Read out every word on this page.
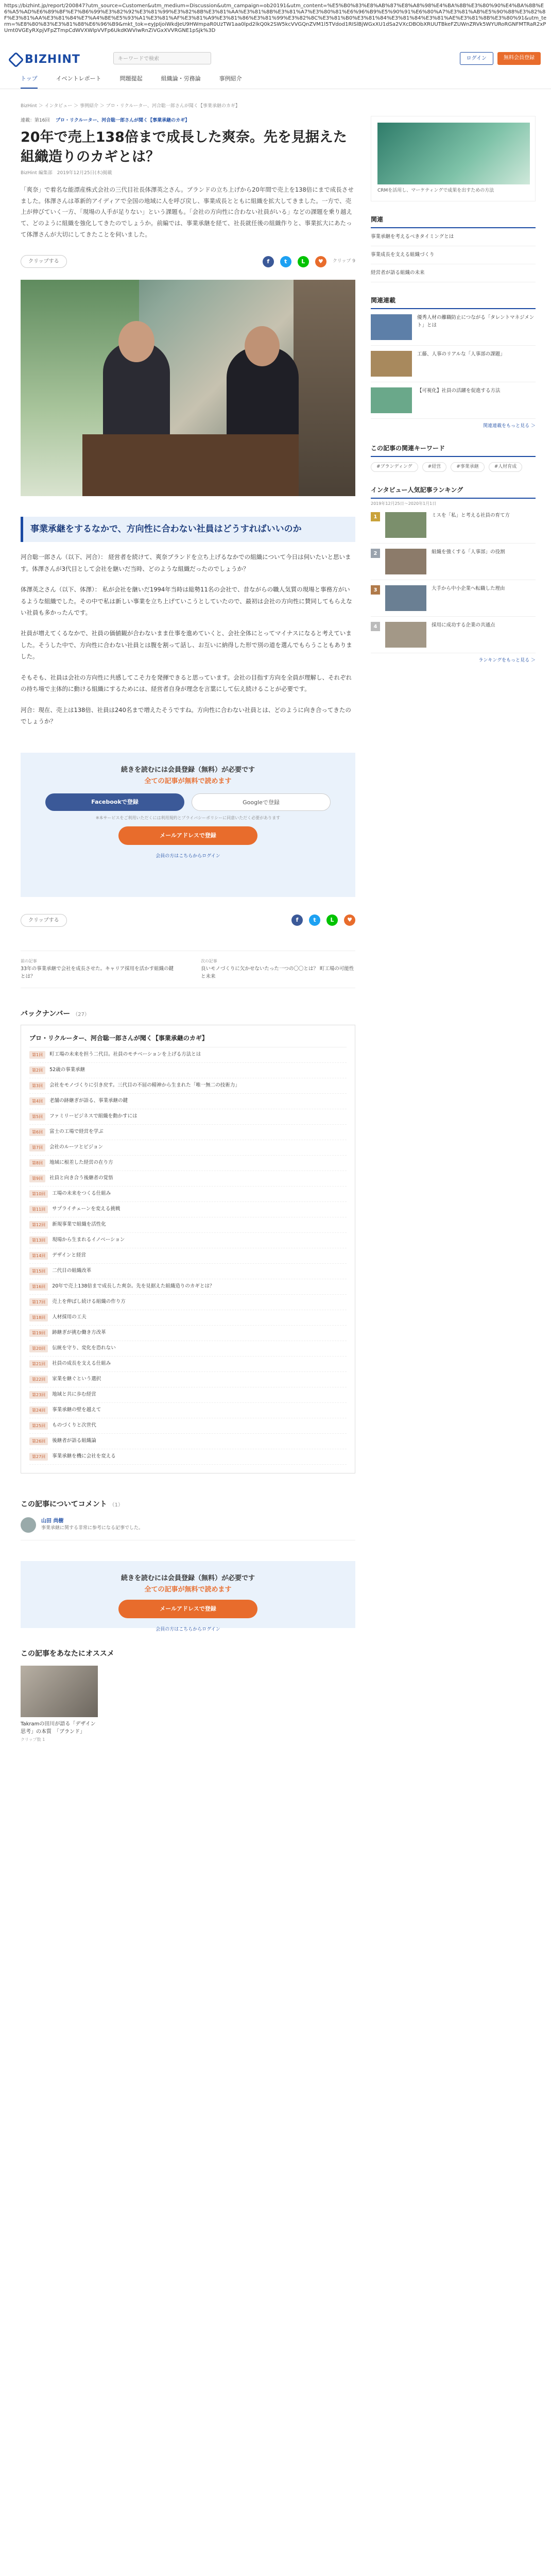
https://bizhint.jp/report/200847?utm_source=Customer&utm_medium=Discussion&utm_campaign=ob20191&utm_content=%E5%B0%83%E8%AB%87%E8%A8%98%E4%BA%8B%E3%80%90%E4%BA%8B%E6%A5%AD%E6%89%BF%E7%B6%99%E3%82%92%E3%81%99%E3%82%8B%E3%81%AA%E3%81%8B%E3%81%A7%E3%80%81%E6%96%B9%E5%90%91%E6%80%A7%E3%81%AB%E5%90%88%E3%82%8F%E3%81%AA%E3%81%84%E7%A4%BE%E5%93%A1%E3%81%AF%E3%81%A9%E3%81%86%E3%81%99%E3%82%8C%E3%81%B0%E3%81%84%E3%81%84%E3%81%AE%E3%81%8B%E3%80%91&utm_term=%E8%80%83%E3%81%88%E6%96%B9&mkt_tok=eyJpIjoiWkdJeU9HWmpaR0UzTW1aa0lpd2lkQ0k2SW5kcVVGQnZVM1l5TVdod1RISlBjWGxXU1dSa2VXcDBObXRUUTBkeFZUWnZRVk5WYURoRGNFMTRaR2xPUmt0VGEyRXpjVFpZTmpCdWVXWlpVVFp6UkdKWVIwRnZiVGxXVVRGNE1pSjk%3D
BIZHINT	キーワードで検索	ログイン	無料会員登録
トップ	イベントレポート	問題提起	組織論・労務論	事例紹介
BizHint ＞ インタビュー ＞ 事例紹介 ＞ プロ・リクルーター、河合聡一郎さんが聞く【事業承継のカギ】
連載：第16回 プロ・リクルーター、河合聡一郎さんが聞く【事業承継のカギ】
20年で売上138倍まで成長した爽奈。先を見据えた組織造りのカギとは？
BizHint 編集部　2019年12月25日(木)掲載

「爽奈」で着名な能漂産株式会社の三代目社長体澤英之さん。ブランドの立ち上げから20年間で売上を138倍にまで成長させました。体澤さんは革新的アイディアで全国の地域に人を呼び戻し、事業成長とともに組織を拡大してきました。一方で、売上が伸びていく一方、「現場の人手が足りない」という課題も。「会社の方向性に合わない社員がいる」などの課題を乗り越えて、どのように組織を強化してきたのでしょうか。前編では、事業承継を経て、社長就任後の組織作りと、事業拡大にあたって体澤さんが大切にしてきたことを伺いました。

クリップする	f	t	L	♥	クリップ 9
事業承継をするなかで、方向性に合わない社員はどうすればいいのか

河合聡一郎さん（以下、河合）： 経営者を続けて、爽奈ブランドを立ち上げるなかでの組織について今日は伺いたいと思います。体澤さんが3代目として会社を継いだ当時、どのような組織だったのでしょうか？

体澤英之さん（以下、体澤）： 私が会社を継いだ1994年当時は総勢11名の会社で、昔ながらの職人気質の現場と事務方がいるような組織でした。その中で私は新しい事業を立ち上げていこうとしていたので、最初は会社の方向性に賛同してもらえない社員も多かったんです。

社員が増えてくるなかで、社員の価値観が合わないまま仕事を進めていくと、会社全体にとってマイナスになると考えていました。そうした中で、方向性に合わない社員とは腹を割って話し、お互いに納得した形で別の道を選んでもらうこともありました。

そもそも、社員は会社の方向性に共感してこそ力を発揮できると思っています。会社の目指す方向を全員が理解し、それぞれの持ち場で主体的に動ける組織にするためには、経営者自身が理念を言葉にして伝え続けることが必要です。

河合：現在、売上は138倍、社員は240名まで増えたそうですね。方向性に合わない社員とは、どのように向き合ってきたのでしょうか？

続きを読むには会員登録（無料）が必要です
全ての記事が無料で読めます
Facebookで登録	Googleで登録
※本サービスをご利用いただくには利用規約とプライバシーポリシーに同意いただく必要があります
メールアドレスで登録
会員の方はこちらからログイン
クリップする	f	t	L	♥
前の記事
33年の事業承継で会社を成長させた。キャリア採用を活かす組織の鍵とは？
次の記事
良いモノづくりに欠かせないたった一つの〇〇とは？ 町工場の可能性と未来
バックナンバー （27）
プロ・リクルーター、河合聡一郎さんが聞く【事業承継のカギ】
第1回	町工場の未来を担う二代目。社員のモチベーションを上げる方法とは
第2回	52歳の事業承継
第3回	会社をモノづくりに引き戻す。三代目の不屈の精神から生まれた「唯一無二の技術力」
第4回	老舗の跡継ぎが語る、事業承継の鍵
第5回	ファミリービジネスで組織を動かすには
第6回	富士の工場で経営を学ぶ
第7回	会社のルーツとビジョン
第8回	地域に根差した経営の在り方
第9回	社員と向き合う後継者の覚悟
第10回	工場の未来をつくる仕組み
第11回	サプライチェーンを変える挑戦
第12回	新規事業で組織を活性化
第13回	現場から生まれるイノベーション
第14回	デザインと経営
第15回	二代目の組織改革
第16回	20年で売上138倍まで成長した爽奈。先を見据えた組織造りのカギとは？
第17回	売上を伸ばし続ける組織の作り方
第18回	人材採用の工夫
第19回	跡継ぎが挑む働き方改革
第20回	伝統を守り、変化を恐れない
第21回	社員の成長を支える仕組み
第22回	家業を継ぐという選択
第23回	地域と共に歩む経営
第24回	事業承継の壁を越えて
第25回	ものづくりと次世代
第26回	後継者が語る組織論
第27回	事業承継を機に会社を変える
この記事についてコメント （1）
山田 尚樹
事業承継に関する非常に参考になる記事でした。
続きを読むには会員登録（無料）が必要です
全ての記事が無料で読めます
メールアドレスで登録
会員の方はこちらからログイン
この記事をあなたにオススメ
Takramの田川が語る「デザイン思考」の本質　「ブランド」
クリップ数 1
CRMを活用し、マーケティングで成果を出すための方法
関連
事業承継を考えるべきタイミングとは
事業成長を支える組織づくり
経営者が語る組織の未来
関連連載
優秀人材の離職防止につながる「タレントマネジメント」とは
工藤、人事のリアルな「人事部の課題」
【可視化】社員の活躍を促進する方法
関連連載をもっと見る ＞
この記事の関連キーワード
#ブランディング	#経営	#事業承継	#人材育成
インタビュー人気記事ランキング
2019年12月25日〜2020年1月1日
1	ミスを「私」と考える社員の育て方
2	組織を強くする「人事部」の役割
3	大手から中小企業へ転職した理由
4	採用に成功する企業の共通点
ランキングをもっと見る ＞
